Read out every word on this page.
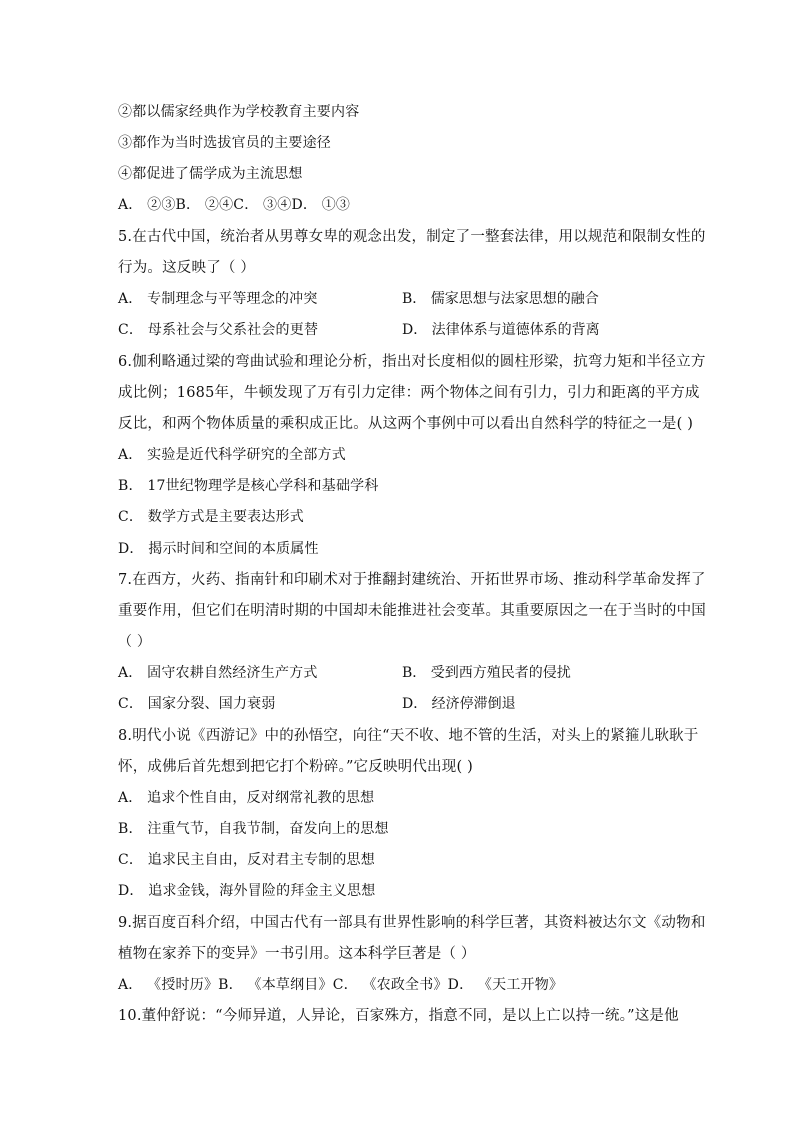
②都以儒家经典作为学校教育主要内容
③都作为当时选拔官员的主要途径
④都促进了儒学成为主流思想
A． ②③B． ②④C． ③④D． ①③
5.在古代中国，统治者从男尊女卑的观念出发，制定了一整套法律，用以规范和限制女性的
行为。这反映了（ ）
A． 专制理念与平等理念的冲突	B． 儒家思想与法家思想的融合
C． 母系社会与父系社会的更替	D． 法律体系与道德体系的背离
6.伽利略通过梁的弯曲试验和理论分析，指出对长度相似的圆柱形梁，抗弯力矩和半径立方
成比例；1685年，牛顿发现了万有引力定律：两个物体之间有引力，引力和距离的平方成
反比，和两个物体质量的乘积成正比。从这两个事例中可以看出自然科学的特征之一是( )
A． 实验是近代科学研究的全部方式
B． 17世纪物理学是核心学科和基础学科
C． 数学方式是主要表达形式
D． 揭示时间和空间的本质属性
7.在西方，火药、指南针和印刷术对于推翻封建统治、开拓世界市场、推动科学革命发挥了
重要作用，但它们在明清时期的中国却未能推进社会变革。其重要原因之一在于当时的中国
（ ）
A． 固守农耕自然经济生产方式	B． 受到西方殖民者的侵扰
C． 国家分裂、国力衰弱	D． 经济停滞倒退
8.明代小说《西游记》中的孙悟空，向往“天不收、地不管的生活，对头上的紧箍儿耿耿于
怀，成佛后首先想到把它打个粉碎。”它反映明代出现( )
A． 追求个性自由，反对纲常礼教的思想
B． 注重气节，自我节制，奋发向上的思想
C． 追求民主自由，反对君主专制的思想
D． 追求金钱，海外冒险的拜金主义思想
9.据百度百科介绍，中国古代有一部具有世界性影响的科学巨著，其资料被达尔文《动物和
植物在家养下的变异》一书引用。这本科学巨著是（ ）
A． 《授时历》B． 《本草纲目》C． 《农政全书》D． 《天工开物》
10.董仲舒说：“今师异道，人异论，百家殊方，指意不同，是以上亡以持一统。”这是他
